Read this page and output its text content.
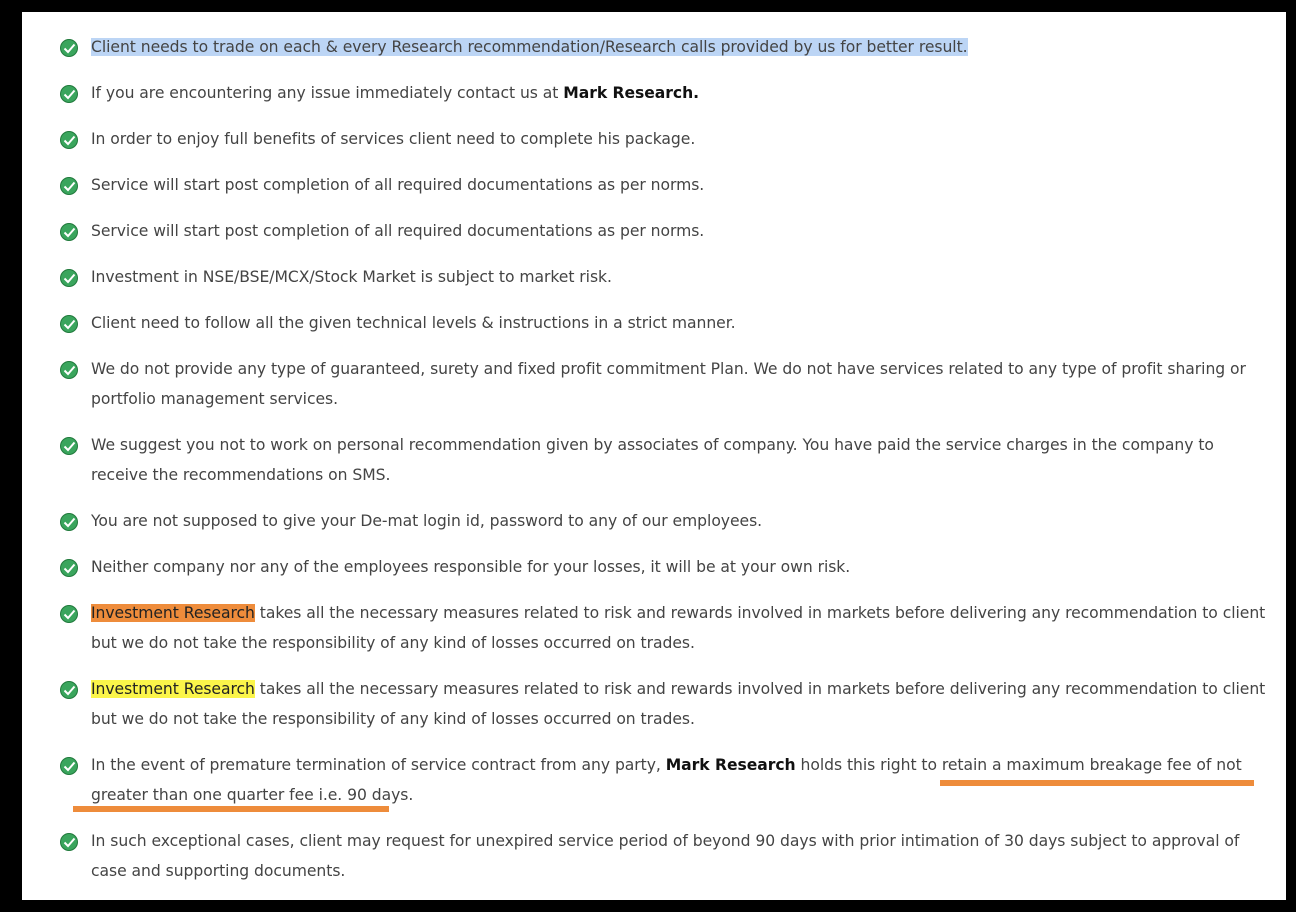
Client needs to trade on each & every Research recommendation/Research calls provided by us for better result.
If you are encountering any issue immediately contact us at Mark Research.
In order to enjoy full benefits of services client need to complete his package.
Service will start post completion of all required documentations as per norms.
Service will start post completion of all required documentations as per norms.
Investment in NSE/BSE/MCX/Stock Market is subject to market risk.
Client need to follow all the given technical levels & instructions in a strict manner.
We do not provide any type of guaranteed, surety and fixed profit commitment Plan. We do not have services related to any type of profit sharing or portfolio management services.
We suggest you not to work on personal recommendation given by associates of company. You have paid the service charges in the company to receive the recommendations on SMS.
You are not supposed to give your De-mat login id, password to any of our employees.
Neither company nor any of the employees responsible for your losses, it will be at your own risk.
Investment Research takes all the necessary measures related to risk and rewards involved in markets before delivering any recommendation to client but we do not take the responsibility of any kind of losses occurred on trades.
Investment Research takes all the necessary measures related to risk and rewards involved in markets before delivering any recommendation to client but we do not take the responsibility of any kind of losses occurred on trades.
In the event of premature termination of service contract from any party, Mark Research holds this right to retain a maximum breakage fee of not greater than one quarter fee i.e. 90 days.
In such exceptional cases, client may request for unexpired service period of beyond 90 days with prior intimation of 30 days subject to approval of case and supporting documents.
